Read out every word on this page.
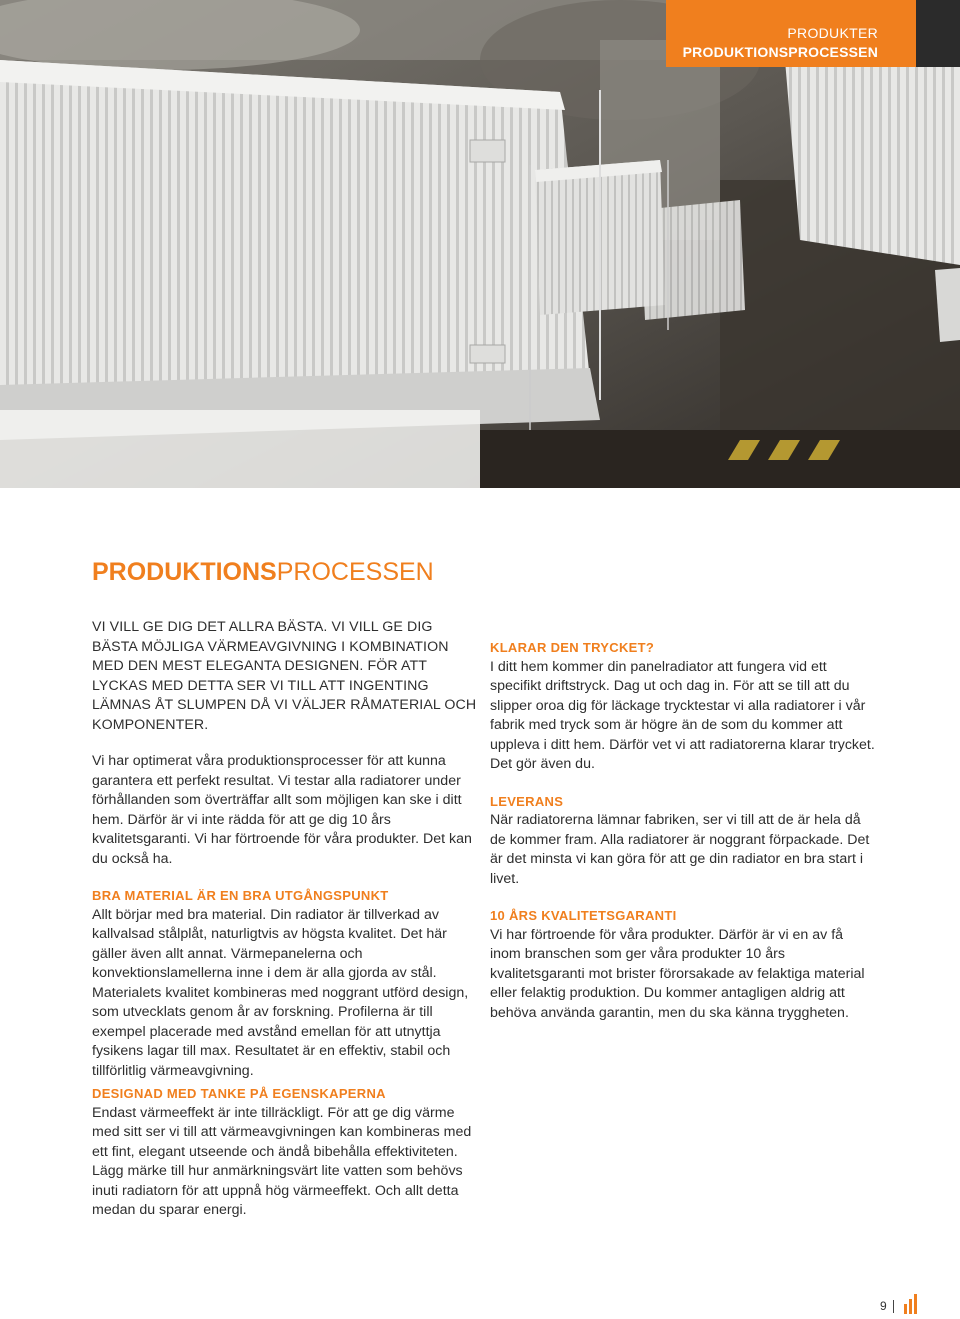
PRODUKTER
PRODUKTIONSPROCESSEN
PRODUKTIONSPROCESSEN

VI VILL GE DIG DET ALLRA BÄSTA. VI VILL GE DIG BÄSTA MÖJLIGA VÄRMEAVGIVNING I KOMBINATION MED DEN MEST ELEGANTA DESIGNEN. FÖR ATT LYCKAS MED DETTA SER VI TILL ATT INGENTING LÄMNAS ÅT SLUMPEN DÅ VI VÄLJER RÅMATERIAL OCH KOMPONENTER.

Vi har optimerat våra produktionsprocesser för att kunna garantera ett perfekt resultat. Vi testar alla radiatorer under förhållanden som överträffar allt som möjligen kan ske i ditt hem. Därför är vi inte rädda för att ge dig 10 års kvalitetsgaranti. Vi har förtroende för våra produkter. Det kan du också ha.

BRA MATERIAL ÄR EN BRA UTGÅNGSPUNKT

Allt börjar med bra material. Din radiator är tillverkad av kallvalsad stålplåt, naturligtvis av högsta kvalitet. Det här gäller även allt annat. Värmepanelerna och konvektionslamellerna inne i dem är alla gjorda av stål. Materialets kvalitet kombineras med noggrant utförd design, som utvecklats genom år av forskning. Profilerna är till exempel placerade med avstånd emellan för att utnyttja fysikens lagar till max. Resultatet är en effektiv, stabil och tillförlitlig värmeavgivning.

DESIGNAD MED TANKE PÅ EGENSKAPERNA

Endast värmeeffekt är inte tillräckligt. För att ge dig värme med sitt ser vi till att värmeavgivningen kan kombineras med ett fint, elegant utseende och ändå bibehålla effektiviteten. Lägg märke till hur anmärkningsvärt lite vatten som behövs inuti radiatorn för att uppnå hög värmeeffekt. Och allt detta medan du sparar energi.

KLARAR DEN TRYCKET?

I ditt hem kommer din panelradiator att fungera vid ett specifikt driftstryck. Dag ut och dag in. För att se till att du slipper oroa dig för läckage trycktestar vi alla radiatorer i vår fabrik med tryck som är högre än de som du kommer att uppleva i ditt hem. Därför vet vi att radiatorerna klarar trycket. Det gör även du.

LEVERANS

När radiatorerna lämnar fabriken, ser vi till att de är hela då de kommer fram. Alla radiatorer är noggrant förpackade. Det är det minsta vi kan göra för att ge din radiator en bra start i livet.

10 ÅRS KVALITETSGARANTI

Vi har förtroende för våra produkter. Därför är vi en av få inom branschen som ger våra produkter 10 års kvalitetsgaranti mot brister förorsakade av felaktiga material eller felaktig produktion. Du kommer antagligen aldrig att behöva använda garantin, men du ska känna tryggheten.

9
